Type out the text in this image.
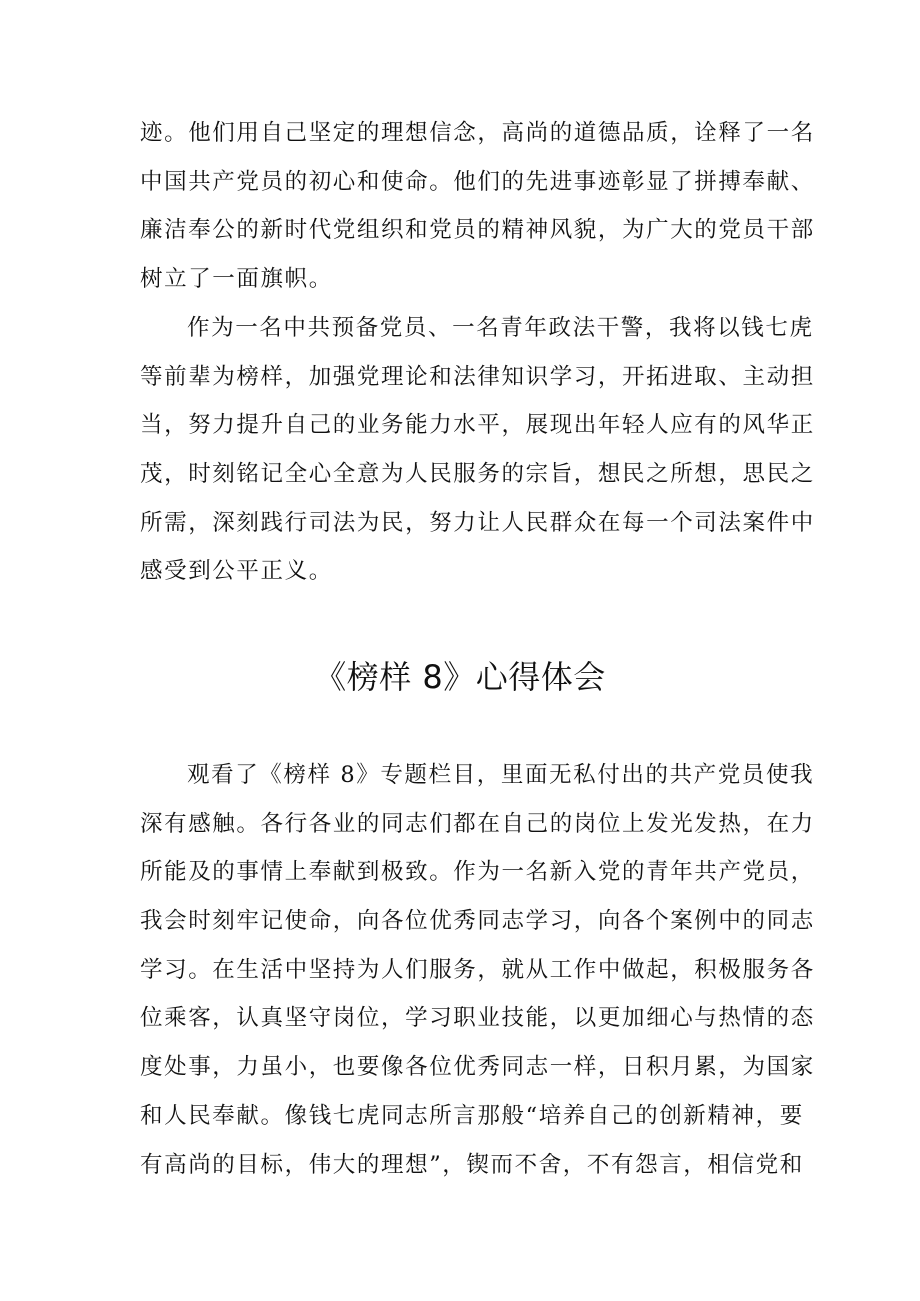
迹。他们用自己坚定的理想信念，高尚的道德品质，诠释了一名
中国共产党员的初心和使命。他们的先进事迹彰显了拼搏奉献、
廉洁奉公的新时代党组织和党员的精神风貌，为广大的党员干部
树立了一面旗帜。

作为一名中共预备党员、一名青年政法干警，我将以钱七虎
等前辈为榜样，加强党理论和法律知识学习，开拓进取、主动担
当，努力提升自己的业务能力水平，展现出年轻人应有的风华正
茂，时刻铭记全心全意为人民服务的宗旨，想民之所想，思民之
所需，深刻践行司法为民，努力让人民群众在每一个司法案件中
感受到公平正义。

《榜样 8》心得体会

观看了《榜样 8》专题栏目，里面无私付出的共产党员使我
深有感触。各行各业的同志们都在自己的岗位上发光发热，在力
所能及的事情上奉献到极致。作为一名新入党的青年共产党员，
我会时刻牢记使命，向各位优秀同志学习，向各个案例中的同志
学习。在生活中坚持为人们服务，就从工作中做起，积极服务各
位乘客，认真坚守岗位，学习职业技能，以更加细心与热情的态
度处事，力虽小，也要像各位优秀同志一样，日积月累，为国家
和人民奉献。像钱七虎同志所言那般“培养自己的创新精神，要
有高尚的目标，伟大的理想”，锲而不舍，不有怨言，相信党和
